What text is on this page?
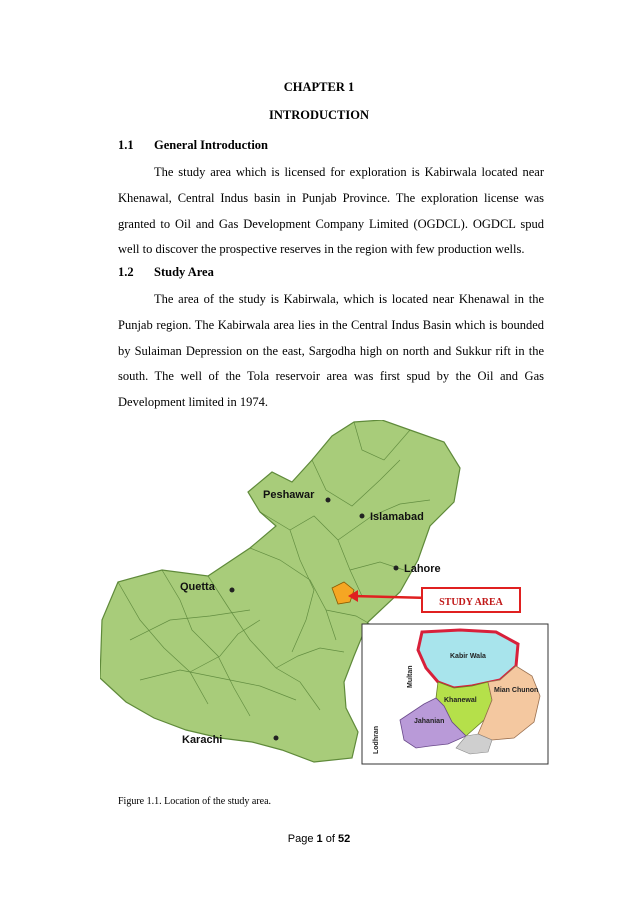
CHAPTER 1
INTRODUCTION
1.1 General Introduction

The study area which is licensed for exploration is Kabirwala located near Khenawal, Central Indus basin in Punjab Province. The exploration license was granted to Oil and Gas Development Company Limited (OGDCL). OGDCL spud well to discover the prospective reserves in the region with few production wells.

1.2 Study Area

The area of the study is Kabirwala, which is located near Khenawal in the Punjab region. The Kabirwala area lies in the Central Indus Basin which is bounded by Sulaiman Depression on the east, Sargodha high on north and Sukkur rift in the south. The well of the Tola reservoir area was first spud by the Oil and Gas Development limited in 1974.

STUDY AREA
Peshawar
Islamabad
Lahore
Quetta
Karachi
Kabir Wala
Khanewal
Mian Chunon
Jahanian
Multan
Lodhran
Figure 1.1. Location of the study area.
Page 1 of 52
